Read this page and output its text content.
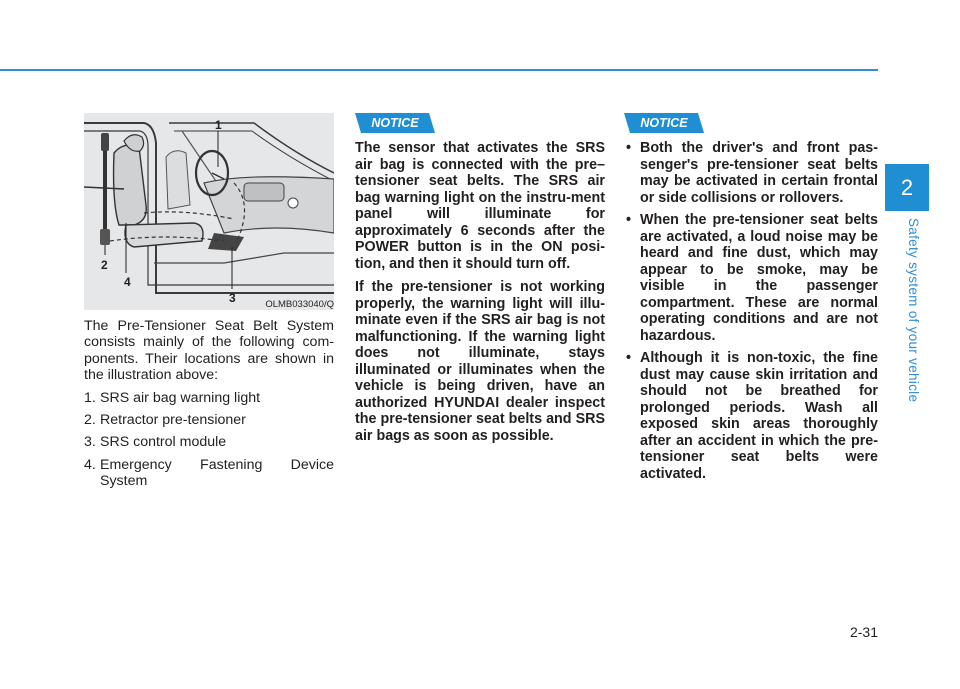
1
2
3
4
OLMB033040/Q

The Pre-Tensioner Seat Belt System consists mainly of the following com-ponents. Their locations are shown in the illustration above:

1. SRS air bag warning light
2. Retractor pre-tensioner
3. SRS control module
4. Emergency Fastening Device System
NOTICE

The sensor that activates the SRS air bag is connected with the pre–tensioner seat belts. The SRS air bag warning light on the instru-ment panel will illuminate for approximately 6 seconds after the POWER button is in the ON posi-tion, and then it should turn off.

If the pre-tensioner is not working properly, the warning light will illu-minate even if the SRS air bag is not malfunctioning. If the warning light does not illuminate, stays illuminated or illuminates when the vehicle is being driven, have an authorized HYUNDAI dealer inspect the pre-tensioner seat belts and SRS air bags as soon as possible.

NOTICE
• Both the driver's and front pas-senger's pre-tensioner seat belts may be activated in certain frontal or side collisions or rollovers.
• When the pre-tensioner seat belts are activated, a loud noise may be heard and fine dust, which may appear to be smoke, may be visible in the passenger compartment. These are normal operating conditions and are not hazardous.
• Although it is non-toxic, the fine dust may cause skin irritation and should not be breathed for prolonged periods. Wash all exposed skin areas thoroughly after an accident in which the pre-tensioner seat belts were activated.
2
Safety system of your vehicle
2-31
